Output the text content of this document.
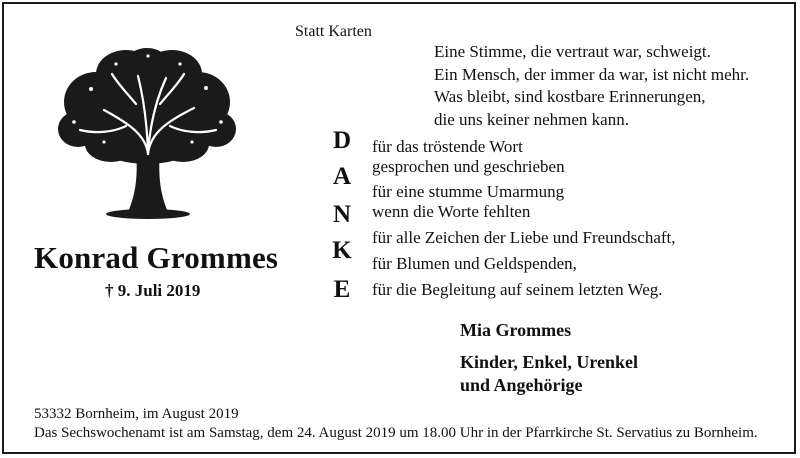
Statt Karten
Eine Stimme, die vertraut war, schweigt.
Ein Mensch, der immer da war, ist nicht mehr.
Was bleibt, sind kostbare Erinnerungen,
die uns keiner nehmen kann.
Konrad Grommes
† 9. Juli 2019
D
A
N
K
E
für das tröstende Wort
gesprochen und geschrieben
für eine stumme Umarmung
wenn die Worte fehlten
für alle Zeichen der Liebe und Freundschaft,
für Blumen und Geldspenden,
für die Begleitung auf seinem letzten Weg.
Mia Grommes
Kinder, Enkel, Urenkel
und Angehörige
53332 Bornheim, im August 2019
Das Sechswochenamt ist am Samstag, dem 24. August 2019 um 18.00 Uhr in der Pfarrkirche St. Servatius zu Bornheim.
